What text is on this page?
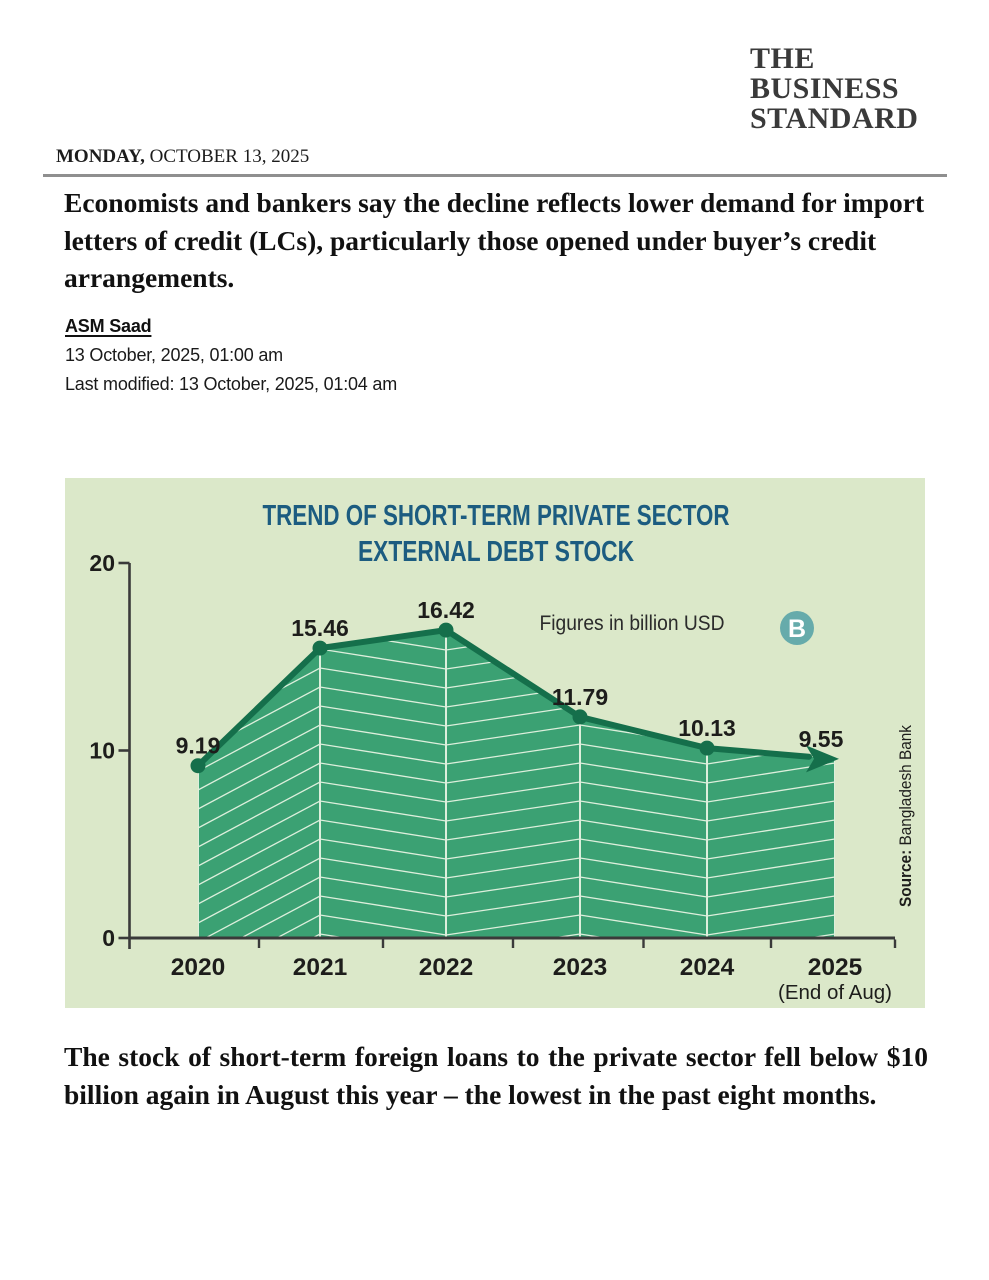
THE
BUSINESS
STANDARD
MONDAY, OCTOBER 13, 2025
Economists and bankers say the decline reflects lower demand for import letters of credit (LCs), particularly those opened under buyer’s credit arrangements.
ASM Saad
13 October, 2025, 01:00 am
Last modified: 13 October, 2025, 01:04 am
9.19
15.46
16.42
11.79
10.13	9.55
0
10
20
2020	2021	2022	2023	2024	2025
(End of Aug)
TREND OF SHORT-TERM PRIVATE SECTOR
EXTERNAL DEBT STOCK
Figures in billion USD	B
Source: Bangladesh Bank
The stock of short-term foreign loans to the private sector fell below $10 billion again in August this year – the lowest in the past eight months.
